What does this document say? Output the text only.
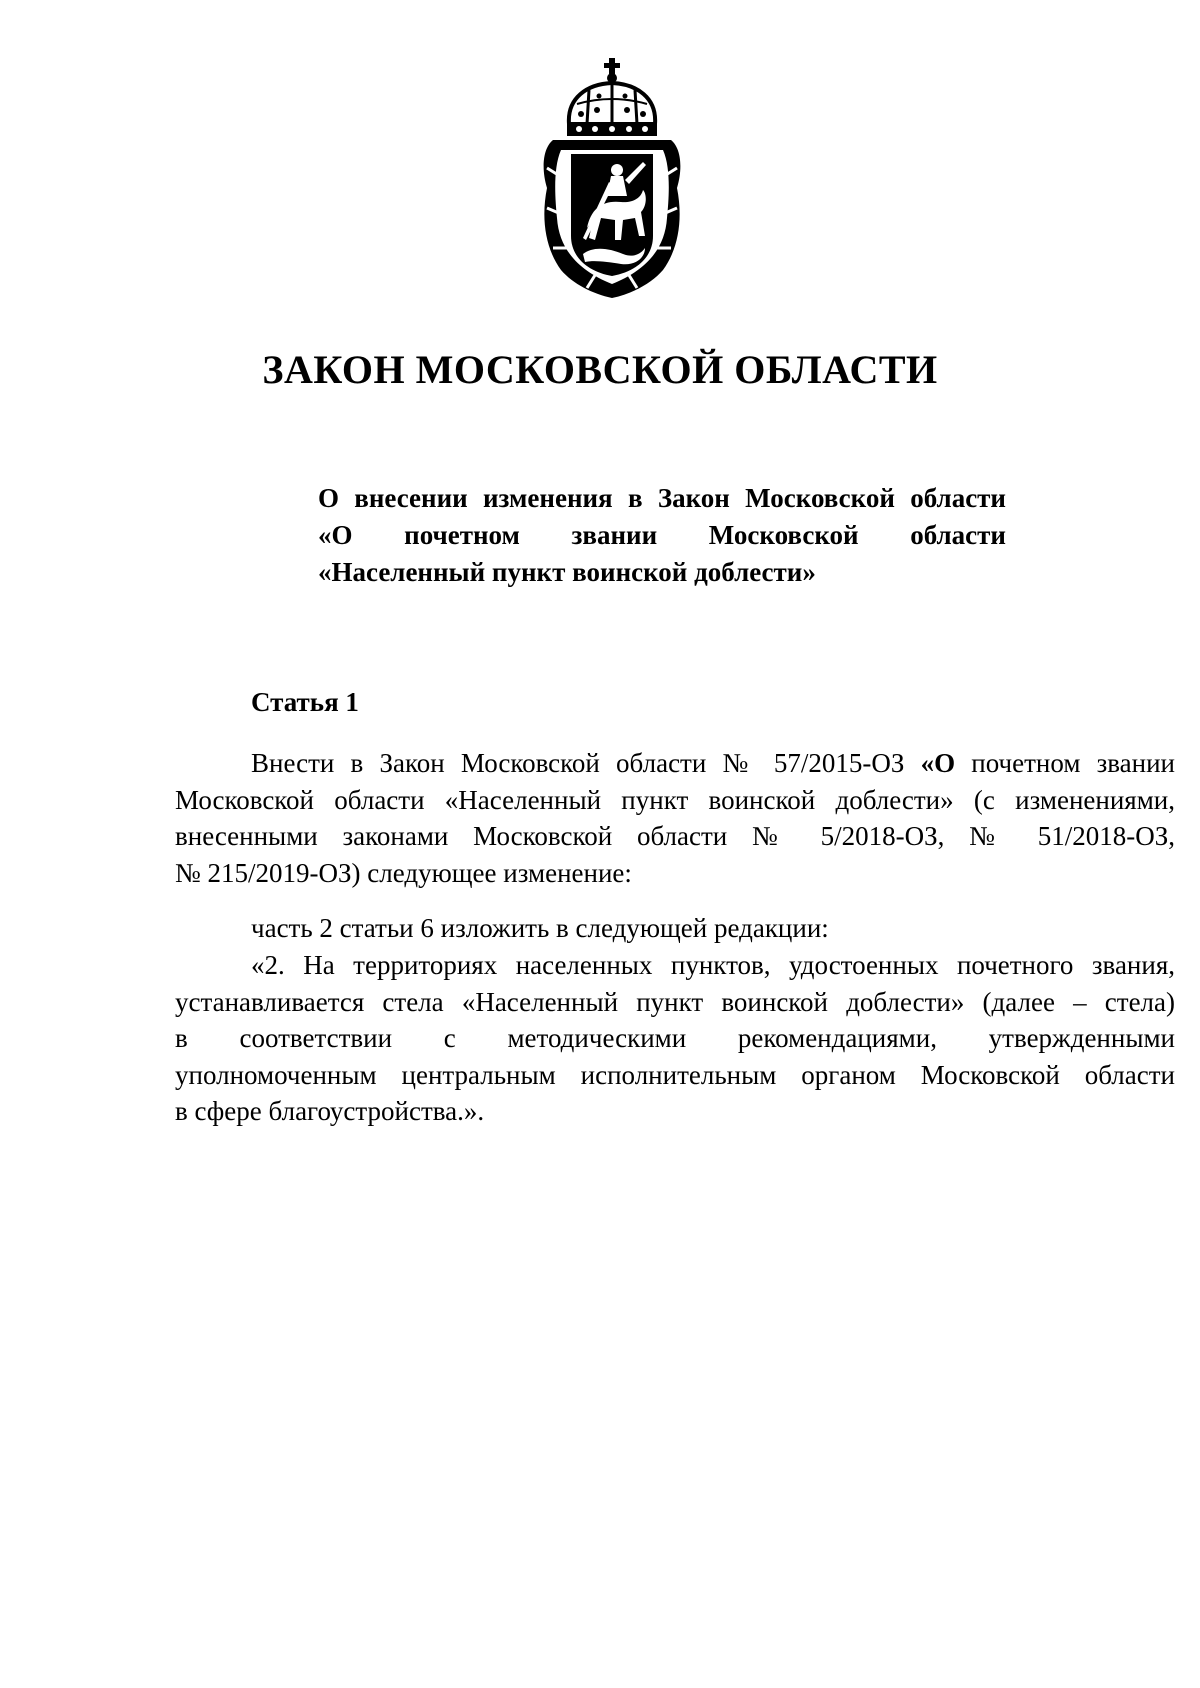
ЗАКОН МОСКОВСКОЙ ОБЛАСТИ
О внесении изменения в Закон Московской области
«О почетном звании Московской области
«Населенный пункт воинской доблести»
Статья 1
Внести в Закон Московской области № 57/2015-ОЗ «О почетном звании
Московской области «Населенный пункт воинской доблести» (с изменениями,
внесенными законами Московской области № 5/2018-ОЗ, № 51/2018-ОЗ,
№ 215/2019-ОЗ) следующее изменение:
часть 2 статьи 6 изложить в следующей редакции:
«2. На территориях населенных пунктов, удостоенных почетного звания,
устанавливается стела «Населенный пункт воинской доблести» (далее – стела)
в соответствии с методическими рекомендациями, утвержденными
уполномоченным центральным исполнительным органом Московской области
в сфере благоустройства.».
